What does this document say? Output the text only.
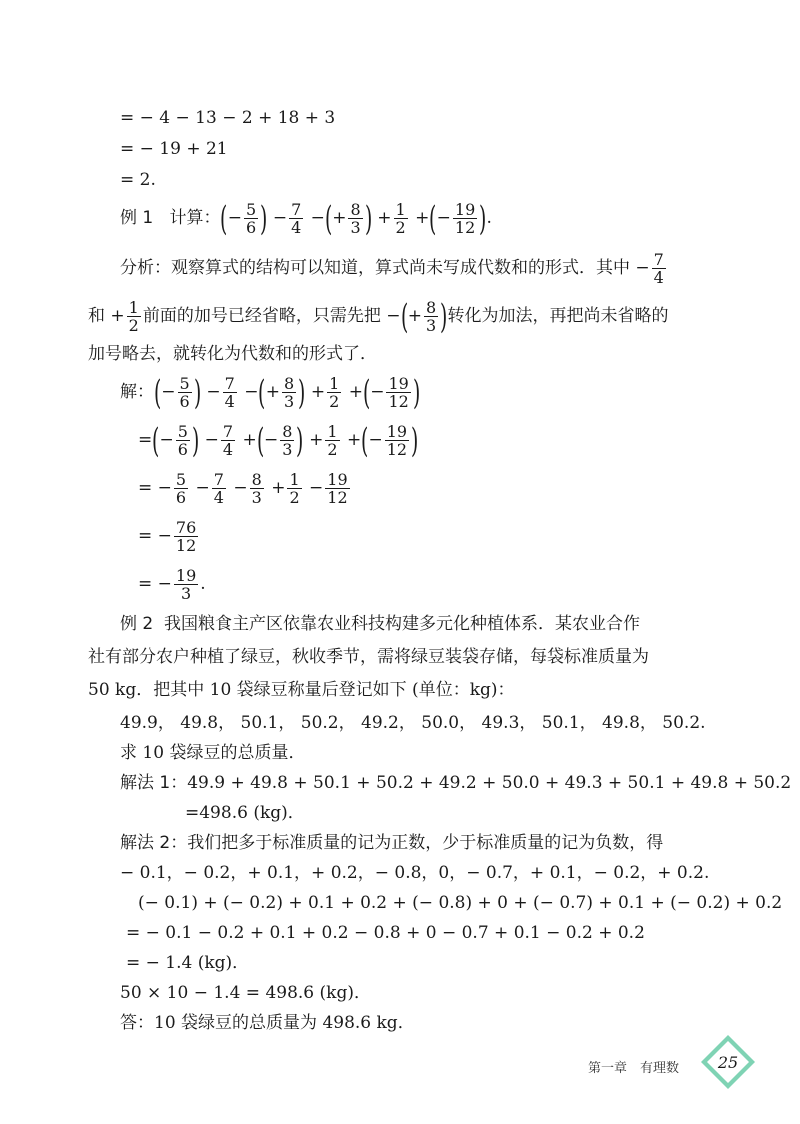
= − 4 − 13 − 2 + 18 + 3
= − 19 + 21
= 2.
例 1 计算：(− $\frac{5}{6}$ ) − $\frac{7}{4}$ −(+ $\frac{8}{3}$ ) + $\frac{1}{2}$ +(− $\frac{19}{12}$ ).
分析：观察算式的结构可以知道，算式尚未写成代数和的形式．其中 − $\frac{7}{4}$
和 + $\frac{1}{2}$ 前面的加号已经省略，只需先把 −(+ $\frac{8}{3}$ )转化为加法，再把尚未省略的
加号略去，就转化为代数和的形式了．
解：(− $\frac{5}{6}$ ) − $\frac{7}{4}$ −(+ $\frac{8}{3}$ ) + $\frac{1}{2}$ +(− $\frac{19}{12}$ )
=(− $\frac{5}{6}$ ) − $\frac{7}{4}$ +(− $\frac{8}{3}$ ) + $\frac{1}{2}$ +(− $\frac{19}{12}$ )
= − $\frac{5}{6} - \frac{7}{4} - \frac{8}{3} + \frac{1}{2} - \frac{19}{12}$
= − $\frac{76}{12}$
= − $\frac{19}{3}$ .
例 2 我国粮食主产区依靠农业科技构建多元化种植体系．某农业合作
社有部分农户种植了绿豆，秋收季节，需将绿豆装袋存储，每袋标准质量为
50 kg．把其中 10 袋绿豆称量后登记如下 (单位：kg)：
49.9， 49.8， 50.1， 50.2， 49.2， 50.0， 49.3， 50.1， 49.8， 50.2.
求 10 袋绿豆的总质量．
解法 1：49.9 + 49.8 + 50.1 + 50.2 + 49.2 + 50.0 + 49.3 + 50.1 + 49.8 + 50.2
=498.6 (kg)．
解法 2：我们把多于标准质量的记为正数，少于标准质量的记为负数，得
− 0.1，− 0.2，+ 0.1，+ 0.2，− 0.8，0，− 0.7，+ 0.1，− 0.2，+ 0.2.
(− 0.1) + (− 0.2) + 0.1 + 0.2 + (− 0.8) + 0 + (− 0.7) + 0.1 + (− 0.2) + 0.2
= − 0.1 − 0.2 + 0.1 + 0.2 − 0.8 + 0 − 0.7 + 0.1 − 0.2 + 0.2
= − 1.4 (kg)．
50 × 10 − 1.4 = 498.6 (kg)．
答：10 袋绿豆的总质量为 498.6 kg．
第一章　有理数 25
